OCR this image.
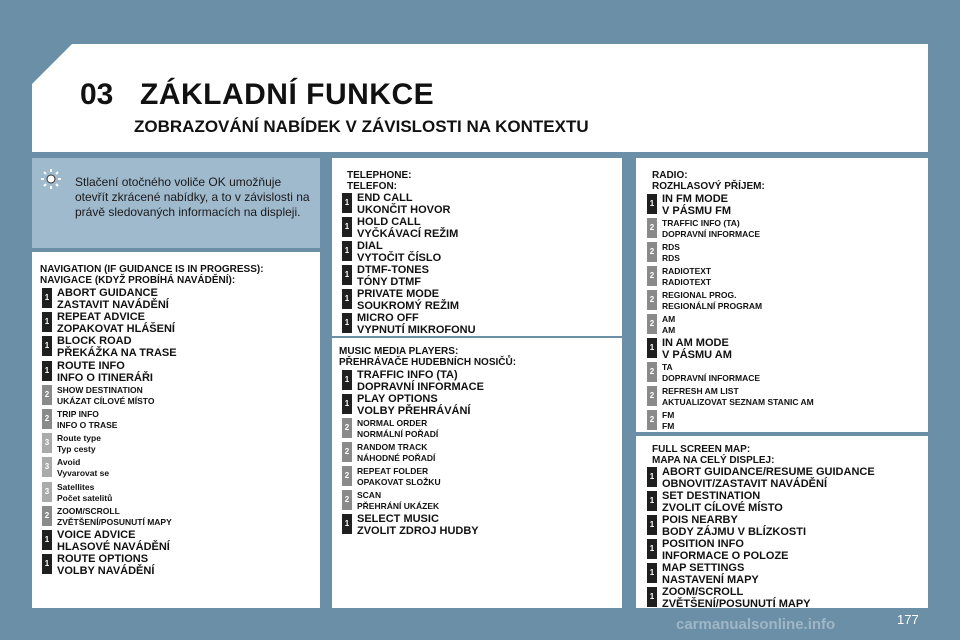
03 ZÁKLADNÍ FUNKCE
ZOBRAZOVÁNÍ NABÍDEK V ZÁVISLOSTI NA KONTEXTU
Stlačení otočného voliče OK umožňuje otevřít zkrácené nabídky, a to v závislosti na právě sledovaných informacích na displeji.
NAVIGATION (IF GUIDANCE IS IN PROGRESS):
NAVIGACE (KDYŽ PROBÍHÁ NAVÁDĚNÍ):
1 ABORT GUIDANCE
ZASTAVIT NAVÁDĚNÍ
1 REPEAT ADVICE
ZOPAKOVAT HLÁŠENÍ
1 BLOCK ROAD
PŘEKÁŽKA NA TRASE
1 ROUTE INFO
INFO O ITINERÁŘI
2 SHOW DESTINATION
UKÁZAT CÍLOVÉ MÍSTO
2 TRIP INFO
INFO O TRASE
3 Route type
Typ cesty
3 Avoid
Vyvarovat se
3 Satellites
Počet satelitů
2 ZOOM/SCROLL
ZVĚTŠENÍ/POSUNUTÍ MAPY
1 VOICE ADVICE
HLASOVÉ NAVÁDĚNÍ
1 ROUTE OPTIONS
VOLBY NAVÁDĚNÍ
TELEPHONE:
TELEFON:
1 END CALL
UKONČIT HOVOR
1 HOLD CALL
VYČKÁVACÍ REŽIM
1 DIAL
VYTOČIT ČÍSLO
1 DTMF-TONES
TÓNY DTMF
1 PRIVATE MODE
SOUKROMÝ REŽIM
1 MICRO OFF
VYPNUTÍ MIKROFONU
MUSIC MEDIA PLAYERS:
PŘEHRÁVAČE HUDEBNÍCH NOSIČŮ:
1 TRAFFIC INFO (TA)
DOPRAVNÍ INFORMACE
1 PLAY OPTIONS
VOLBY PŘEHRÁVÁNÍ
2 NORMAL ORDER
NORMÁLNÍ POŘADÍ
2 RANDOM TRACK
NÁHODNÉ POŘADÍ
2 REPEAT FOLDER
OPAKOVAT SLOŽKU
2 SCAN
PŘEHRÁNÍ UKÁZEK
1 SELECT MUSIC
ZVOLIT ZDROJ HUDBY
RADIO:
ROZHLASOVÝ PŘÍJEM:
1 IN FM MODE
V PÁSMU FM
2 TRAFFIC INFO (TA)
DOPRAVNÍ INFORMACE
2 RDS
RDS
2 RADIOTEXT
RADIOTEXT
2 REGIONAL PROG.
REGIONÁLNÍ PROGRAM
2 AM
AM
1 IN AM MODE
V PÁSMU AM
2 TA
DOPRAVNÍ INFORMACE
2 REFRESH AM LIST
AKTUALIZOVAT SEZNAM STANIC AM
2 FM
FM
FULL SCREEN MAP:
MAPA NA CELÝ DISPLEJ:
1 ABORT GUIDANCE/RESUME GUIDANCE
OBNOVIT/ZASTAVIT NAVÁDĚNÍ
1 SET DESTINATION
ZVOLIT CÍLOVÉ MÍSTO
1 POIS NEARBY
BODY ZÁJMU V BLÍZKOSTI
1 POSITION INFO
INFORMACE O POLOZE
1 MAP SETTINGS
NASTAVENÍ MAPY
1 ZOOM/SCROLL
ZVĚTŠENÍ/POSUNUTÍ MAPY
carmanualsonline.info	177
